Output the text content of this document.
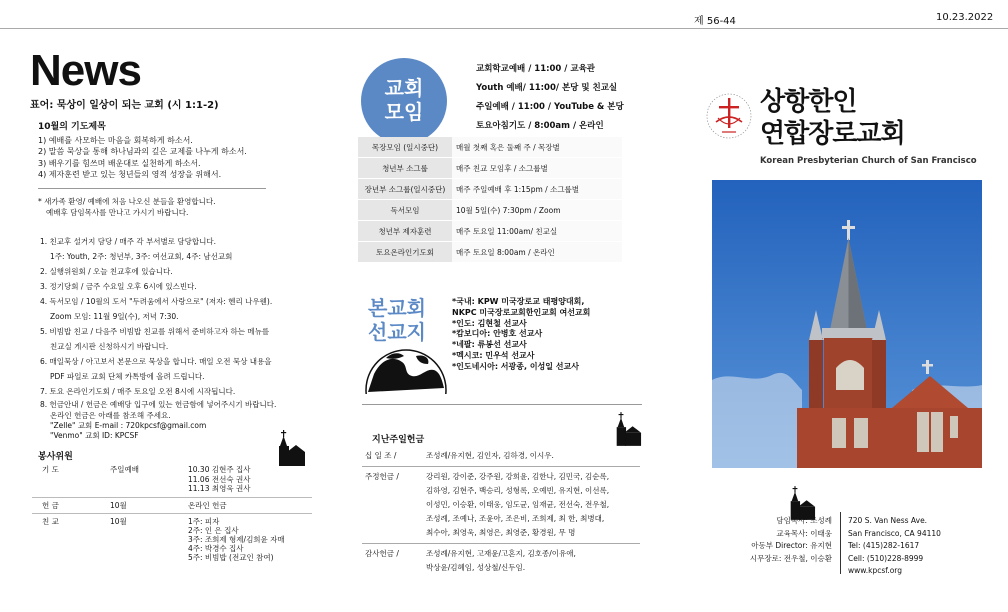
제 56-44	10.23.2022
News
표어: 묵상이 일상이 되는 교회 (시 1:1-2)
10월의 기도제목
1) 예배를 사모하는 마음을 회복하게 하소서.
2) 말씀 묵상을 통해 하나님과의 깊은 교제를 나누게 하소서.
3) 배우기를 힘쓰며 배운대로 실천하게 하소서.
4) 제자훈련 받고 있는 청년들의 영적 성장을 위해서.
* 새가족 환영/ 예배에 처음 나오신 분들을 환영합니다.
예배후 담임목사를 만나고 가시기 바랍니다.
1. 친교후 설거지 담당 / 매주 각 부서별로 담당합니다.
1주: Youth, 2주: 청년부, 3주: 여선교회, 4주: 남선교회
2. 실행위원회 / 오늘 친교후에 있습니다.
3. 정기당회 / 금주 수요일 오후 6시에 있스빈다.
4. 독서모임 / 10월의 도서 "두려움에서 사랑으로" (저자: 헨리 나우웬).
Zoom 모임: 11월 9일(수), 저녁 7:30.
5. 비빔밥 친교 / 다음주 비빔밥 친교를 위해서 준비하고자 하는 메뉴를
친교실 게시판 신청하시기 바랍니다.
6. 매일묵상 / 아고보서 본문으로 묵상을 합니다. 매일 오전 묵상 내용을
PDF 파일로 교회 단체 카톡방에 올려 드립니다.
7. 토요 온라인기도회 / 매주 토요일 오전 8시에 시작됩니다.
8. 헌금안내 / 헌금은 예배당 입구에 있는 헌금함에 넣어주시기 바랍니다.
온라인 헌금은 아래를 참조해 주세요.
"Zelle" 교회 E-mail : 720kpcsf@gmail.com
"Venmo" 교회 ID: KPCSF
봉사위원
기 도	주일예배	10.30 김현주 집사
11.06 전선숙 권사
11.13 최영욱 권사
헌 금	10월	온라인 헌금
친 교	10월	1주: 피자
2주: 인 은 집사
3주: 조희제 형제/김희윤 자매
4주: 박경수 집사
5주: 비빔밥 (전교인 참여)
교회
모임
교회학교예배 / 11:00 / 교육관
Youth 예배/ 11:00/ 본당 및 친교실
주일예배 / 11:00 / YouTube & 본당
토요아침기도 / 8:00am / 온라인
목장모임 (일시중단)	매월 첫째 혹은 둘째 주 / 목장별
청년부 소그룹	매주 친교 모임후 / 소그룹별
장년부 소그룹(일시중단)	매주 주일예배 후 1:15pm / 소그룹별
독서모임	10월 5일(수) 7:30pm / Zoom
청년부 제자훈련	매주 토요일 11:00am/ 친교실
토요온라인기도회	매주 토요일 8:00am / 온라인
본교회
선교지
*국내: KPW 미국장로교 태평양대회,
NKPC 미국장로교회한인교회 여선교회
*인도: 김현철 선교사
*캄보디아: 안병호 선교사
*네팔: 류봉선 선교사
*멕시코: 민우석 선교사
*인도네시아: 서광종, 이성일 선교사
지난주일헌금
십 일 조 /	조성례/유지현, 김인자, 김하경, 이시우.
주정헌금 /	강리원, 강이준, 강주원, 강희윤, 김한나, 김민국, 김순록,
김하영, 김현주, 백승리, 성형록, 오예빈, 유지현, 이선록,
이성민, 이승환, 이태웅, 임도균, 임재균, 전선숙, 전우철,
조성례, 조예나, 조윤아, 조은비, 조희제, 최 한, 최병대,
최수아, 최영욱, 최영은, 최영준, 황경원, 무 명
감사헌금 /	조성례/유지현, 고재윤/고혼지, 김호종/이유애,
박상윤/김혜임, 성상철/신두임.
상항한인
연합장로교회
Korean Presbyterian Church of San Francisco
담임목사: 조성례
교육목사: 이태웅
아동부 Director: 유지현
시무장로: 전우철, 이승환
720 S. Van Ness Ave.
San Francisco, CA 94110
Tel: (415)282-1617
Cell: (510)228-8999
www.kpcsf.org
